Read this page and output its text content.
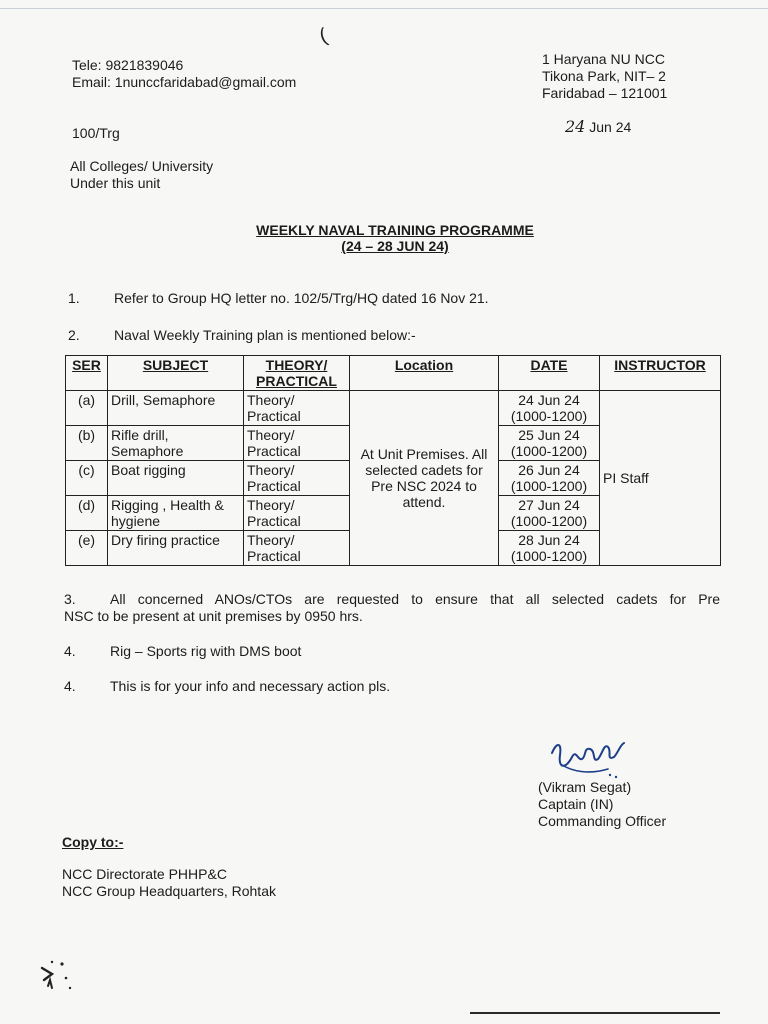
(
Tele: 9821839046
Email: 1nunccfaridabad@gmail.com
1 Haryana NU NCC
Tikona Park, NIT– 2
Faridabad – 121001
100/Trg	24 Jun 24
All Colleges/ University
Under this unit
WEEKLY NAVAL TRAINING PROGRAMME
(24 – 28 JUN 24)
1. Refer to Group HQ letter no. 102/5/Trg/HQ dated 16 Nov 21.
2. Naval Weekly Training plan is mentioned below:-
SER	SUBJECT	THEORY/ PRACTICAL	Location	DATE	INSTRUCTOR
(a)	Drill, Semaphore	Theory/ Practical	At Unit Premises. All selected cadets for Pre NSC 2024 to attend.	24 Jun 24
(1000-1200)	PI Staff
(b)	Rifle drill, Semaphore	Theory/ Practical		25 Jun 24
(1000-1200)	

(c)	Boat rigging	Theory/ Practical		26 Jun 24
(1000-1200)	

(d)	Rigging , Health & hygiene	Theory/ Practical		27 Jun 24
(1000-1200)	

(e)	Dry firing practice	Theory/ Practical		28 Jun 24
(1000-1200)	
3.	All concerned ANOs/CTOs are requested to ensure that all selected cadets for Pre
NSC to be present at unit premises by 0950 hrs.
4. Rig – Sports rig with DMS boot
4. This is for your info and necessary action pls.
(Vikram Segat)
Captain (IN)
Commanding Officer
Copy to:-
NCC Directorate PHHP&C
NCC Group Headquarters, Rohtak
